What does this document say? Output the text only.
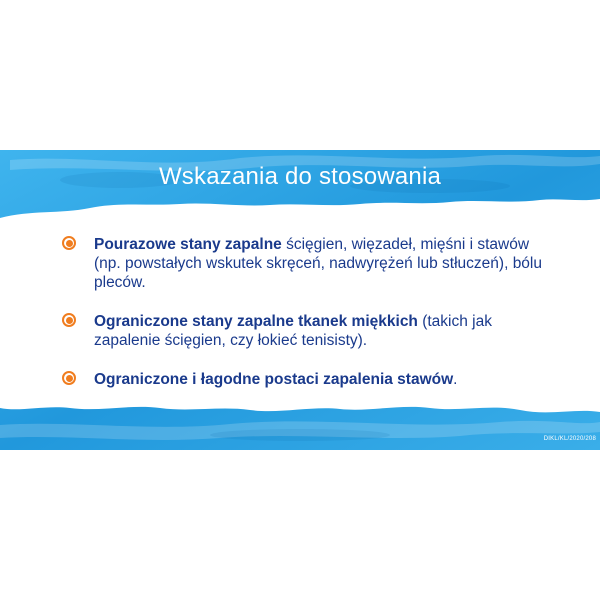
Wskazania do stosowania
Pourazowe stany zapalne ścięgien, więzadeł, mięśni i stawów (np. powstałych wskutek skręceń, nadwyrężeń lub stłuczeń), bólu pleców.
Ograniczone stany zapalne tkanek miękkich (takich jak zapalenie ścięgien, czy łokieć tenisisty).
Ograniczone i łagodne postaci zapalenia stawów.
DIKL/KL/2020/208
